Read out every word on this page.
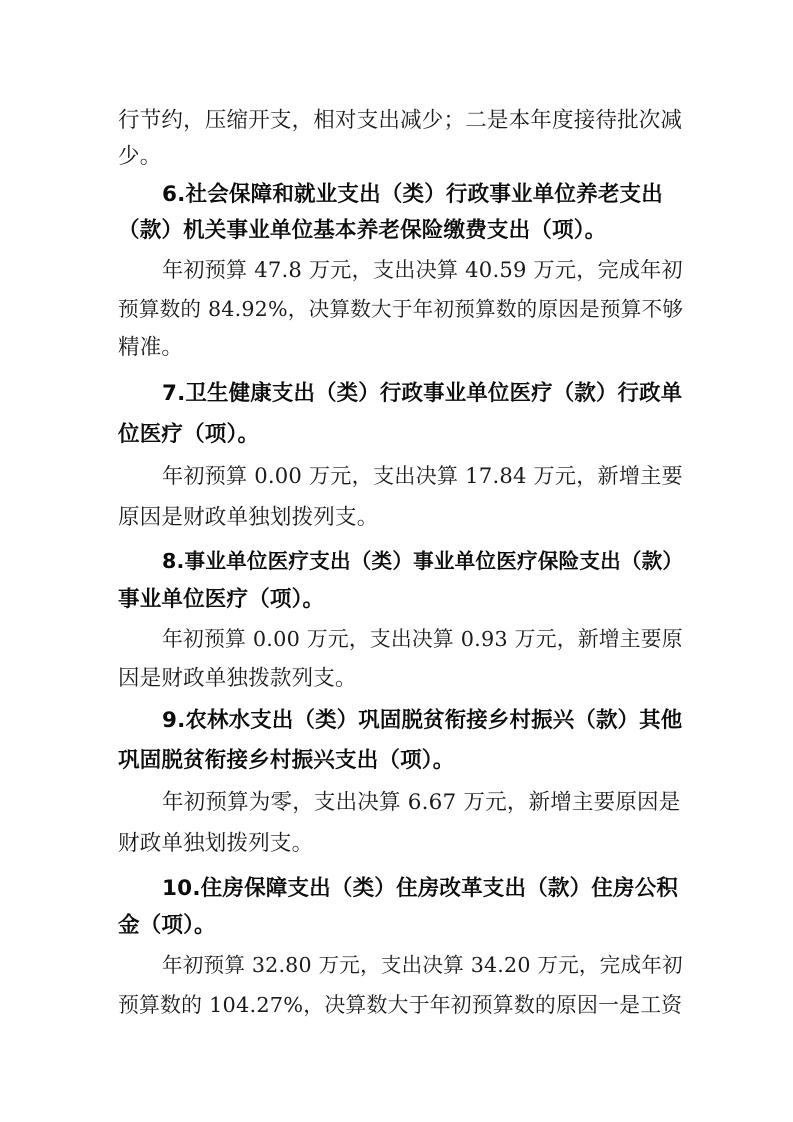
行节约，压缩开支，相对支出减少；二是本年度接待批次减
少。
6.社会保障和就业支出（类）行政事业单位养老支出
（款）机关事业单位基本养老保险缴费支出（项）。
年初预算 47.8 万元，支出决算 40.59 万元，完成年初
预算数的 84.92%，决算数大于年初预算数的原因是预算不够
精准。
7.卫生健康支出（类）行政事业单位医疗（款）行政单
位医疗（项）。
年初预算 0.00 万元，支出决算 17.84 万元，新增主要
原因是财政单独划拨列支。
8.事业单位医疗支出（类）事业单位医疗保险支出（款）
事业单位医疗（项）。
年初预算 0.00 万元，支出决算 0.93 万元，新增主要原
因是财政单独拨款列支。
9.农林水支出（类）巩固脱贫衔接乡村振兴（款）其他
巩固脱贫衔接乡村振兴支出（项）。
年初预算为零，支出决算 6.67 万元，新增主要原因是
财政单独划拨列支。
10.住房保障支出（类）住房改革支出（款）住房公积
金（项）。
年初预算 32.80 万元，支出决算 34.20 万元，完成年初
预算数的 104.27%，决算数大于年初预算数的原因一是工资
